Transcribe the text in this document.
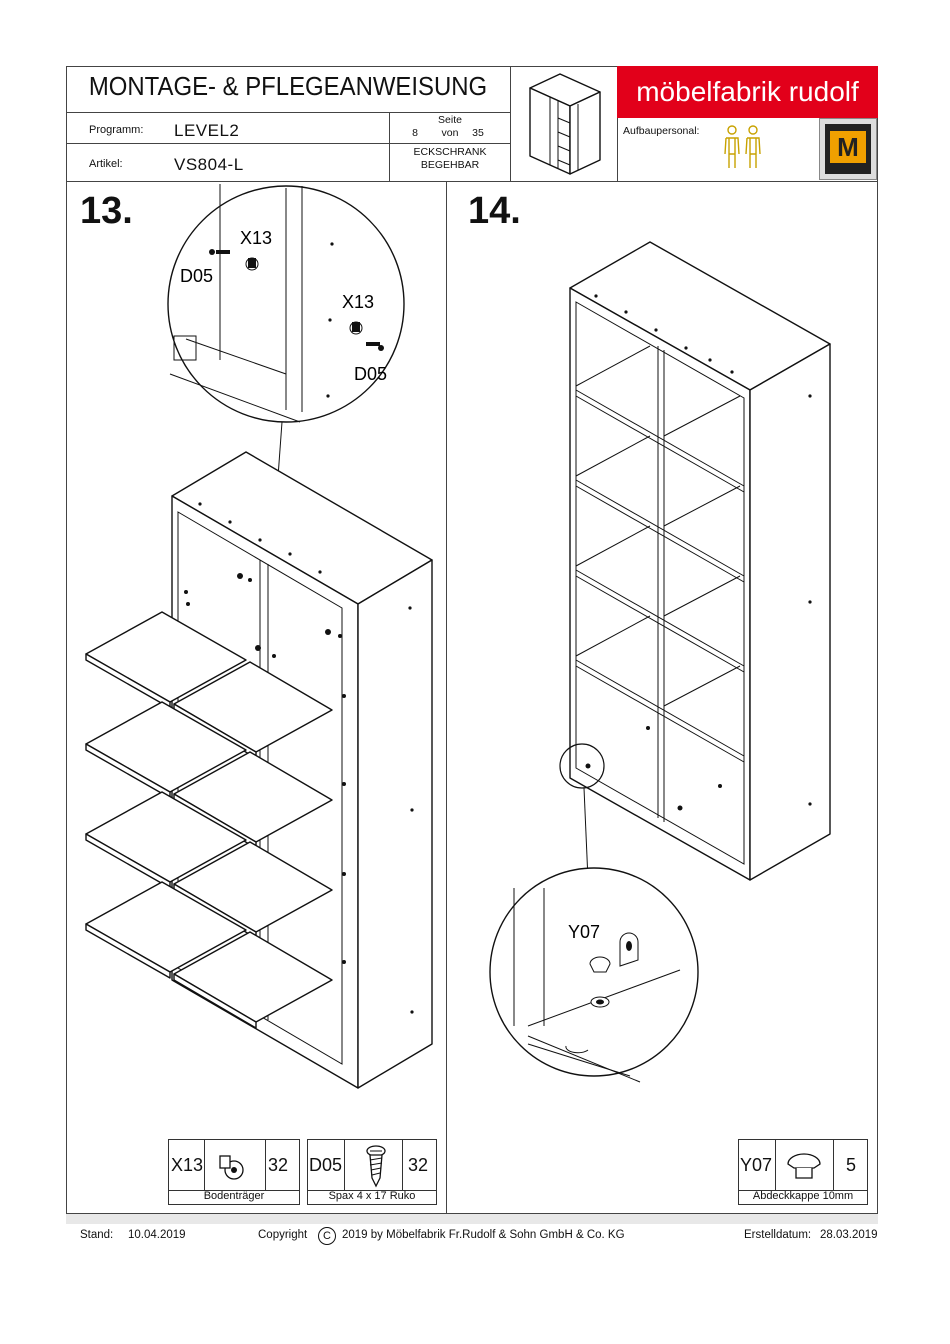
MONTAGE- & PFLEGEANWEISUNG
Programm: LEVEL2
Artikel:	VS804-L
Seite
8	von	35
ECKSCHRANK
BEGEHBAR
möbelfabrik rudolf
Aufbaupersonal:
M
13.	14.
X13
D05
X13
D05
Y07
X13	32
Bodenträger
D05	32
Spax 4 x 17 Ruko
Y07	5
Abdeckkappe 10mm
Stand: 10.04.2019	Copyright	C 2019 by Möbelfabrik Fr.Rudolf & Sohn GmbH & Co. KG	Erstelldatum: 28.03.2019
